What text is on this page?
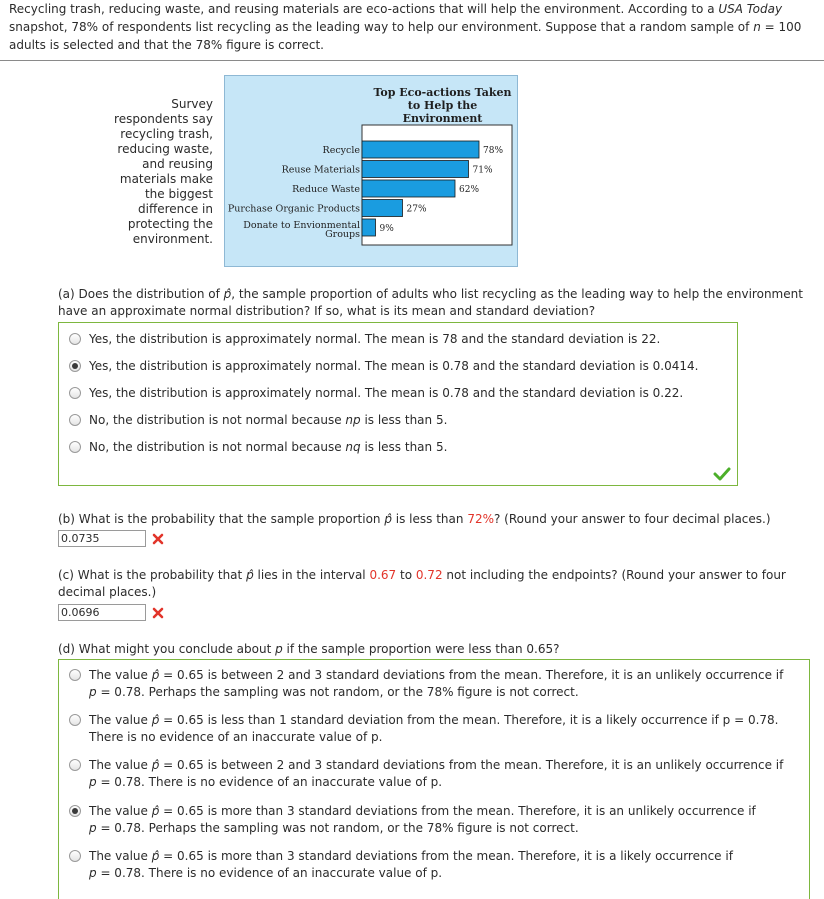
Recycling trash, reducing waste, and reusing materials are eco-actions that will help the environment. According to a USA Today snapshot, 78% of respondents list recycling as the leading way to help our environment. Suppose that a random sample of n = 100 adults is selected and that the 78% figure is correct.
Survey respondents say recycling trash, reducing waste, and reusing materials make the biggest difference in protecting the environment.
Top Eco-actions Taken to Help the Environment
78%
Recycle
71%
Reuse Materials
62%
Reduce Waste
27%
Purchase Organic Products
9%
Donate to Envionmental
Groups
(a) Does the distribution of p̂, the sample proportion of adults who list recycling as the leading way to help the environment have an approximate normal distribution? If so, what is its mean and standard deviation?
Yes, the distribution is approximately normal. The mean is 78 and the standard deviation is 22.
Yes, the distribution is approximately normal. The mean is 0.78 and the standard deviation is 0.0414.
Yes, the distribution is approximately normal. The mean is 0.78 and the standard deviation is 0.22.
No, the distribution is not normal because np is less than 5.
No, the distribution is not normal because nq is less than 5.
(b) What is the probability that the sample proportion p̂ is less than 72%? (Round your answer to four decimal places.)
0.0735
(c) What is the probability that p̂ lies in the interval 0.67 to 0.72 not including the endpoints? (Round your answer to four decimal places.)
0.0696
(d) What might you conclude about p if the sample proportion were less than 0.65?
The value p̂ = 0.65 is between 2 and 3 standard deviations from the mean. Therefore, it is an unlikely occurrence if
p = 0.78. Perhaps the sampling was not random, or the 78% figure is not correct.
The value p̂ = 0.65 is less than 1 standard deviation from the mean. Therefore, it is a likely occurrence if p = 0.78.
There is no evidence of an inaccurate value of p.
The value p̂ = 0.65 is between 2 and 3 standard deviations from the mean. Therefore, it is an unlikely occurrence if
p = 0.78. There is no evidence of an inaccurate value of p.
The value p̂ = 0.65 is more than 3 standard deviations from the mean. Therefore, it is an unlikely occurrence if
p = 0.78. Perhaps the sampling was not random, or the 78% figure is not correct.
The value p̂ = 0.65 is more than 3 standard deviations from the mean. Therefore, it is a likely occurrence if
p = 0.78. There is no evidence of an inaccurate value of p.
